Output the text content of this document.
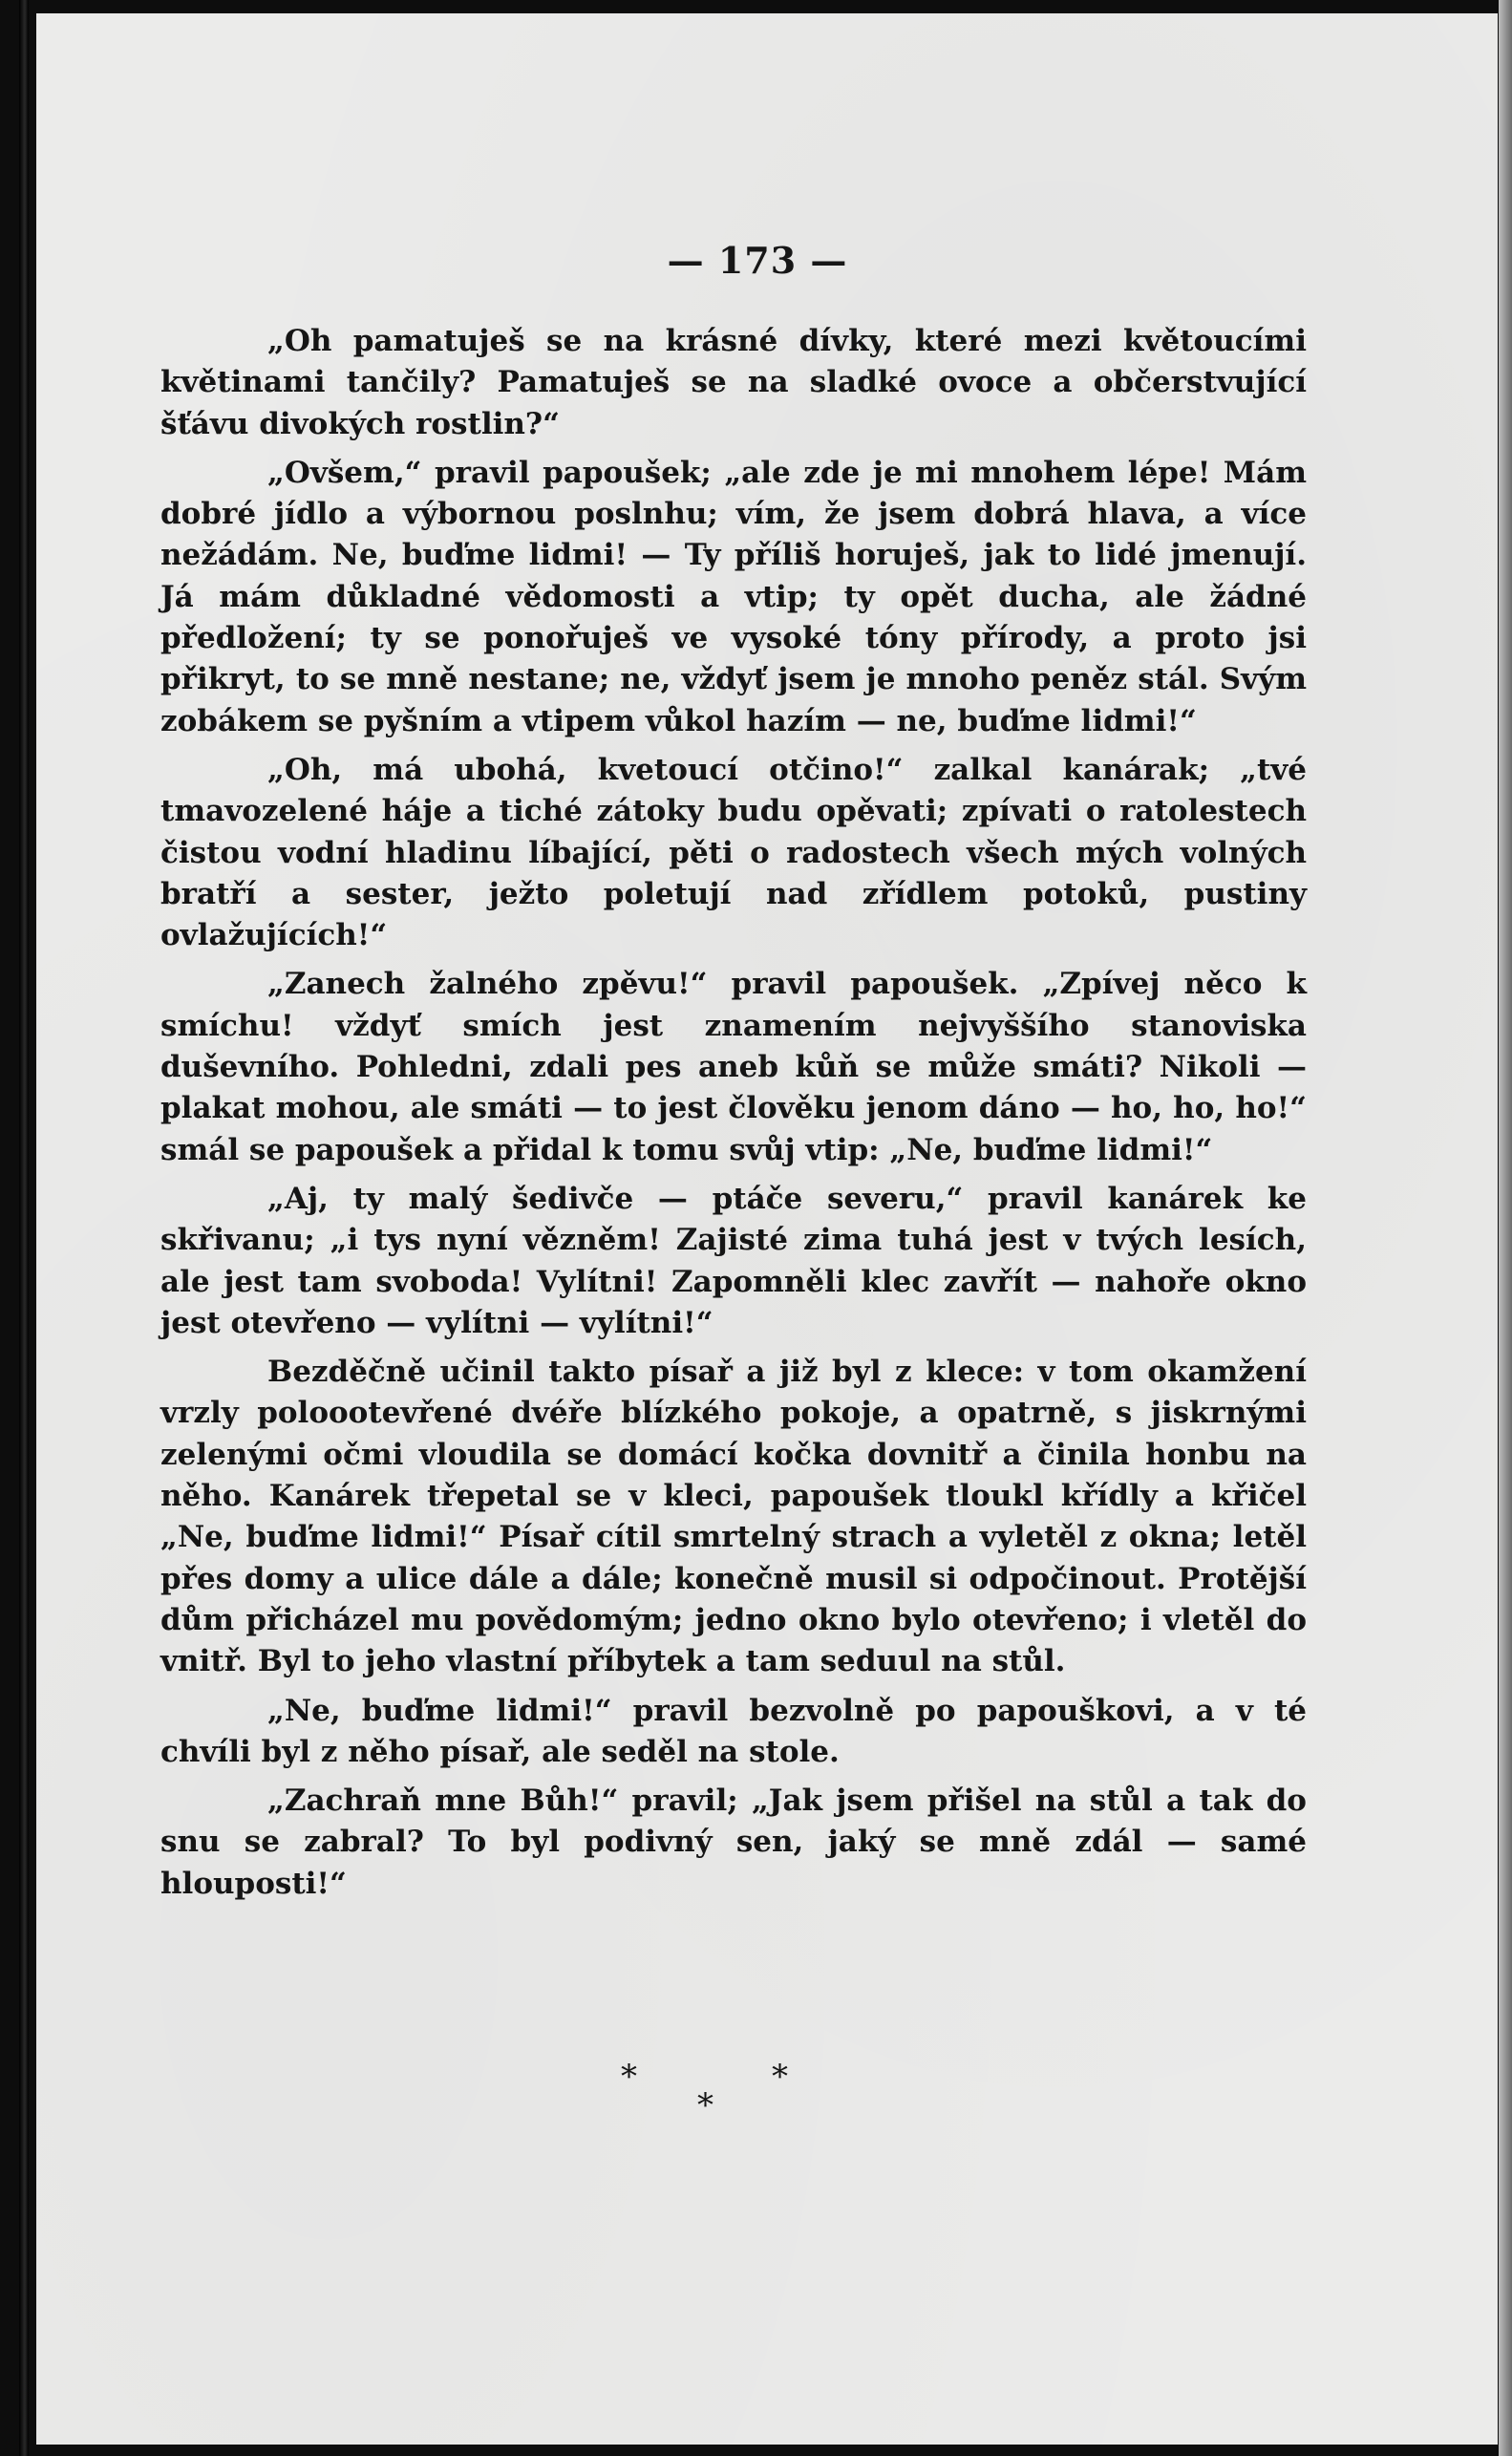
— 173 —

„Oh pamatuješ se na krásné dívky, které mezi květoucími květinami tančily? Pamatuješ se na sladké ovoce a občerstvující šťávu divokých rostlin?“

„Ovšem,“ pravil papoušek; „ale zde je mi mnohem lépe! Mám dobré jídlo a výbornou poslnhu; vím, že jsem dobrá hlava, a více nežádám. Ne, buďme lidmi! — Ty příliš horuješ, jak to lidé jmenují. Já mám důkladné vědomosti a vtip; ty opět ducha, ale žádné předložení; ty se ponořuješ ve vysoké tóny přírody, a proto jsi přikryt, to se mně nestane; ne, vždyť jsem je mnoho peněz stál. Svým zobákem se pyšním a vtipem vůkol hazím — ne, buďme lidmi!“

„Oh, má ubohá, kvetoucí otčino!“ zalkal kanárak; „tvé tmavozelené háje a tiché zátoky budu opěvati; zpívati o ratolestech čistou vodní hladinu líbající, pěti o radostech všech mých volných bratří a sester, ježto poletují nad zřídlem potoků, pustiny ovlažujících!“

„Zanech žalného zpěvu!“ pravil papoušek. „Zpívej něco k smíchu! vždyť smích jest znamením nejvyššího stanoviska duševního. Pohledni, zdali pes aneb kůň se může smáti? Nikoli — plakat mohou, ale smáti — to jest člověku jenom dáno — ho, ho, ho!“ smál se papoušek a přidal k tomu svůj vtip: „Ne, buďme lidmi!“

„Aj, ty malý šedivče — ptáče severu,“ pravil kanárek ke skřivanu; „i tys nyní vězněm! Zajisté zima tuhá jest v tvých lesích, ale jest tam svoboda! Vylítni! Zapomněli klec zavřít — nahoře okno jest otevřeno — vylítni — vylítni!“

Bezděčně učinil takto písař a již byl z klece: v tom okamžení vrzly poloootevřené dvéře blízkého pokoje, a opatrně, s jiskrnými zelenými očmi vloudila se domácí kočka dovnitř a činila honbu na něho. Kanárek třepetal se v kleci, papoušek tloukl křídly a křičel „Ne, buďme lidmi!“ Písař cítil smrtelný strach a vyletěl z okna; letěl přes domy a ulice dále a dále; konečně musil si odpočinout. Protější dům přicházel mu povědomým; jedno okno bylo otevřeno; i vletěl do vnitř. Byl to jeho vlastní příbytek a tam seduul na stůl.

„Ne, buďme lidmi!“ pravil bezvolně po papouškovi, a v té chvíli byl z něho písař, ale seděl na stole.

„Zachraň mne Bůh!“ pravil; „Jak jsem přišel na stůl a tak do snu se zabral? To byl podivný sen, jaký se mně zdál — samé hlouposti!“

*
*
*
